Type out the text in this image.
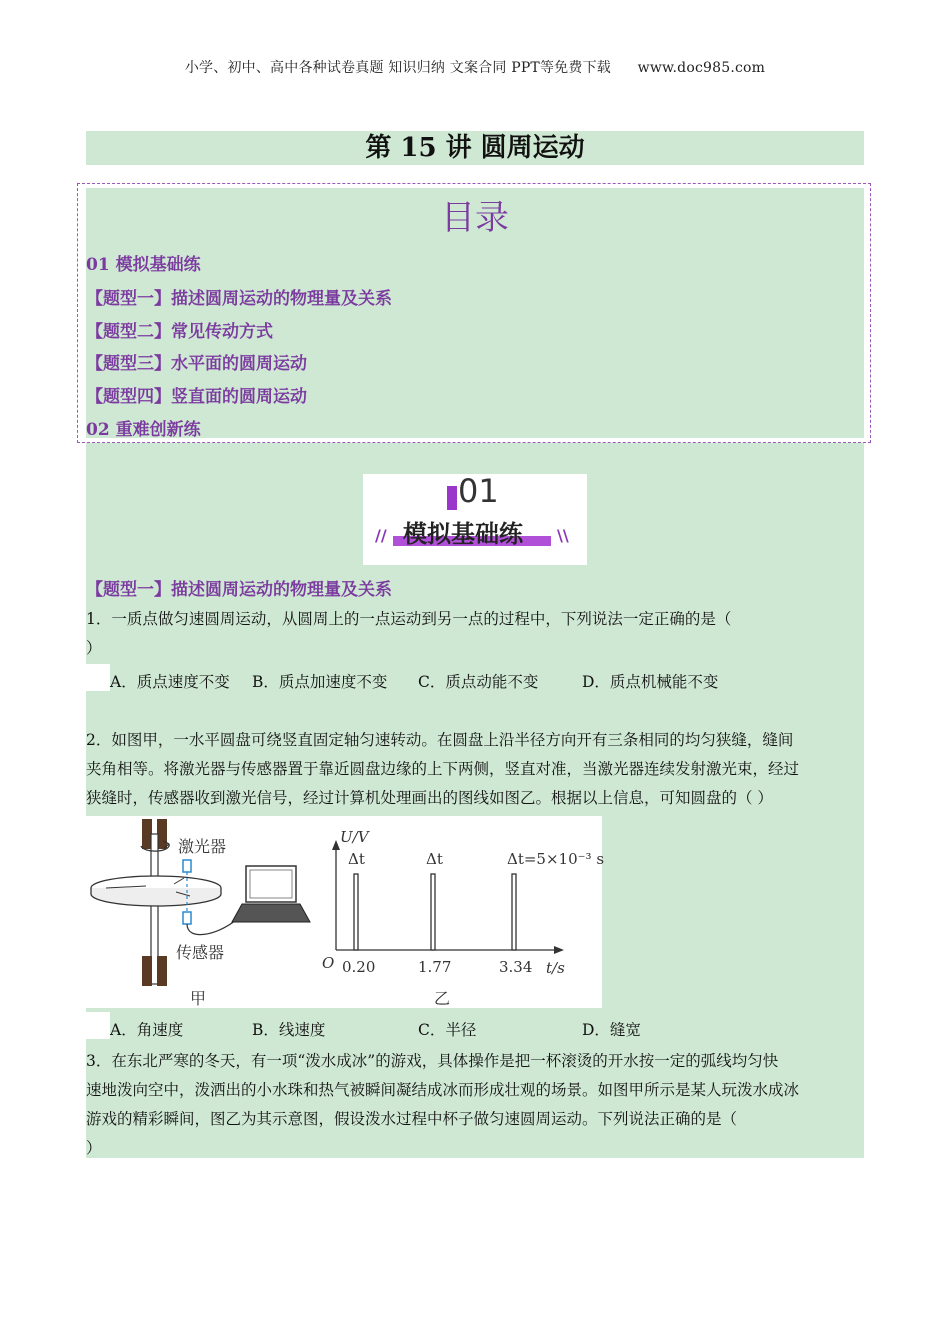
小学、初中、高中各种试卷真题 知识归纳 文案合同 PPT等免费下载 www.doc985.com
第 15 讲 圆周运动
目录
01 模拟基础练
【题型一】描述圆周运动的物理量及关系
【题型二】常见传动方式
【题型三】水平面的圆周运动
【题型四】竖直面的圆周运动
02 重难创新练
01
模拟基础练
//	\\
【题型一】描述圆周运动的物理量及关系
1．一质点做匀速圆周运动，从圆周上的一点运动到另一点的过程中，下列说法一定正确的是（
）
A．质点速度不变 B．质点加速度不变 C．质点动能不变	D．质点机械能不变
2．如图甲，一水平圆盘可绕竖直固定轴匀速转动。在圆盘上沿半径方向开有三条相同的均匀狭缝，缝间
夹角相等。将激光器与传感器置于靠近圆盘边缘的上下两侧，竖直对准，当激光器连续发射激光束，经过
狭缝时，传感器收到激光信号，经过计算机处理画出的图线如图乙。根据以上信息，可知圆盘的（ ）
激光器
传感器
甲	乙
U/V
t/s
O
Δt	Δt	Δt=5×10⁻³ s
0.20	1.77	3.34
A．角速度	B．线速度	C．半径	D．缝宽
3．在东北严寒的冬天，有一项“泼水成冰”的游戏，具体操作是把一杯滚烫的开水按一定的弧线均匀快
速地泼向空中，泼洒出的小水珠和热气被瞬间凝结成冰而形成壮观的场景。如图甲所示是某人玩泼水成冰
游戏的精彩瞬间，图乙为其示意图，假设泼水过程中杯子做匀速圆周运动。下列说法正确的是（
）
